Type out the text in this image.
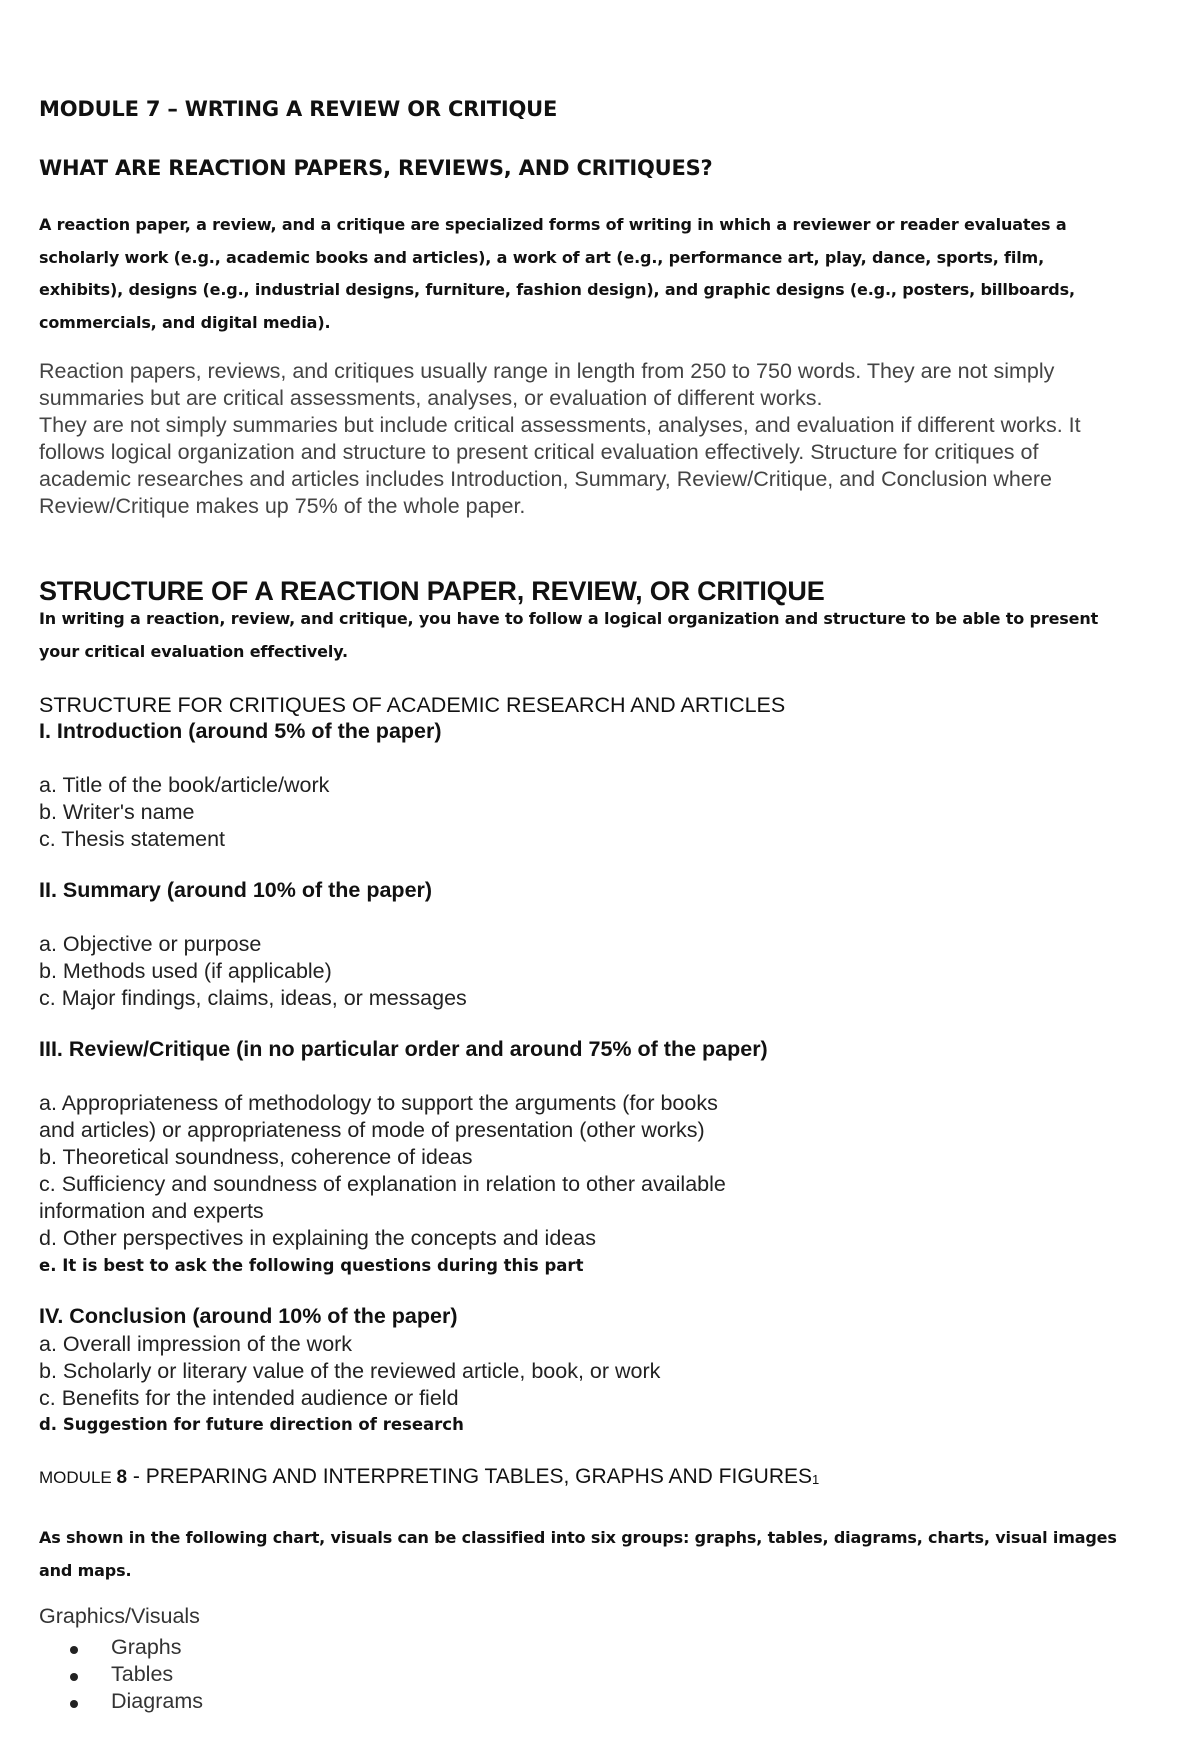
MODULE 7 – WRTING A REVIEW OR CRITIQUE
WHAT ARE REACTION PAPERS, REVIEWS, AND CRITIQUES?
A reaction paper, a review, and a critique are specialized forms of writing in which a reviewer or reader evaluates a
scholarly work (e.g., academic books and articles), a work of art (e.g., performance art, play, dance, sports, film,
exhibits), designs (e.g., industrial designs, furniture, fashion design), and graphic designs (e.g., posters, billboards,
commercials, and digital media).
Reaction papers, reviews, and critiques usually range in length from 250 to 750 words. They are not simply
summaries but are critical assessments, analyses, or evaluation of different works.
They are not simply summaries but include critical assessments, analyses, and evaluation if different works. It
follows logical organization and structure to present critical evaluation effectively. Structure for critiques of
academic researches and articles includes Introduction, Summary, Review/Critique, and Conclusion where
Review/Critique makes up 75% of the whole paper.
STRUCTURE OF A REACTION PAPER, REVIEW, OR CRITIQUE
In writing a reaction, review, and critique, you have to follow a logical organization and structure to be able to present
your critical evaluation effectively.
STRUCTURE FOR CRITIQUES OF ACADEMIC RESEARCH AND ARTICLES
I. Introduction (around 5% of the paper)
a. Title of the book/article/work
b. Writer's name
c. Thesis statement
II. Summary (around 10% of the paper)
a. Objective or purpose
b. Methods used (if applicable)
c. Major findings, claims, ideas, or messages
III. Review/Critique (in no particular order and around 75% of the paper)
a. Appropriateness of methodology to support the arguments (for books
and articles) or appropriateness of mode of presentation (other works)
b. Theoretical soundness, coherence of ideas
c. Sufficiency and soundness of explanation in relation to other available
information and experts
d. Other perspectives in explaining the concepts and ideas
e. It is best to ask the following questions during this part
IV. Conclusion (around 10% of the paper)
a. Overall impression of the work
b. Scholarly or literary value of the reviewed article, book, or work
c. Benefits for the intended audience or field
d. Suggestion for future direction of research
MODULE 8 - PREPARING AND INTERPRETING TABLES, GRAPHS AND FIGURES$^1$
As shown in the following chart, visuals can be classified into six groups: graphs, tables, diagrams, charts, visual images
and maps.
Graphics/Visuals
Graphs
Tables
Diagrams
